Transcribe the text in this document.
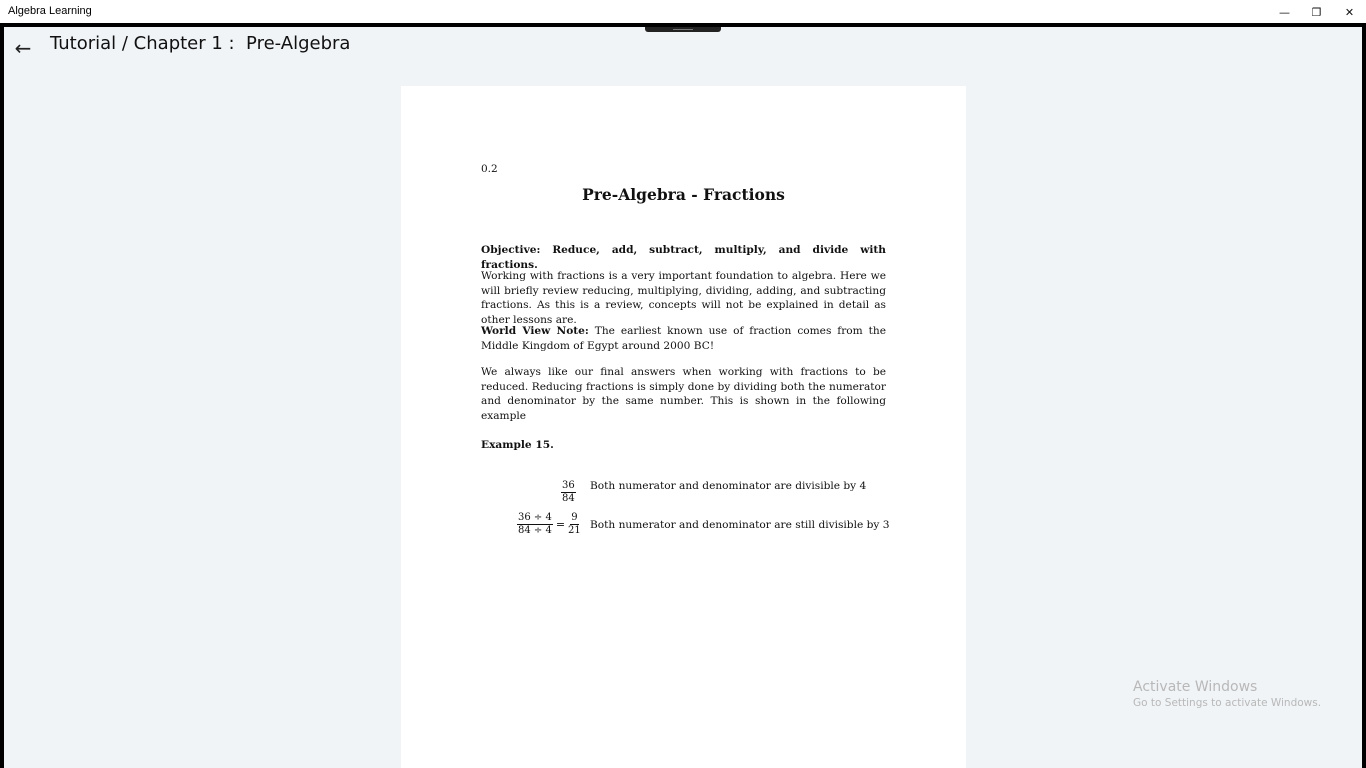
Algebra Learning	— ❐ ✕
← Tutorial / Chapter 1 :  Pre-Algebra
0.2
Pre-Algebra - Fractions
Objective: Reduce, add, subtract, multiply, and divide with fractions.
Working with fractions is a very important foundation to algebra. Here we will briefly review reducing, multiplying, dividing, adding, and subtracting fractions. As this is a review, concepts will not be explained in detail as other lessons are.
World View Note: The earliest known use of fraction comes from the Middle Kingdom of Egypt around 2000 BC!
We always like our final answers when working with fractions to be reduced. Reducing fractions is simply done by dividing both the numerator and denominator by the same number. This is shown in the following example
Example 15.
$\frac{36}{84}$ Both numerator and denominator are divisible by 4
$\frac{36 \div 4}{84 \div 4} = \frac{9}{21}$ Both numerator and denominator are still divisible by 3
Activate Windows
Go to Settings to activate Windows.
